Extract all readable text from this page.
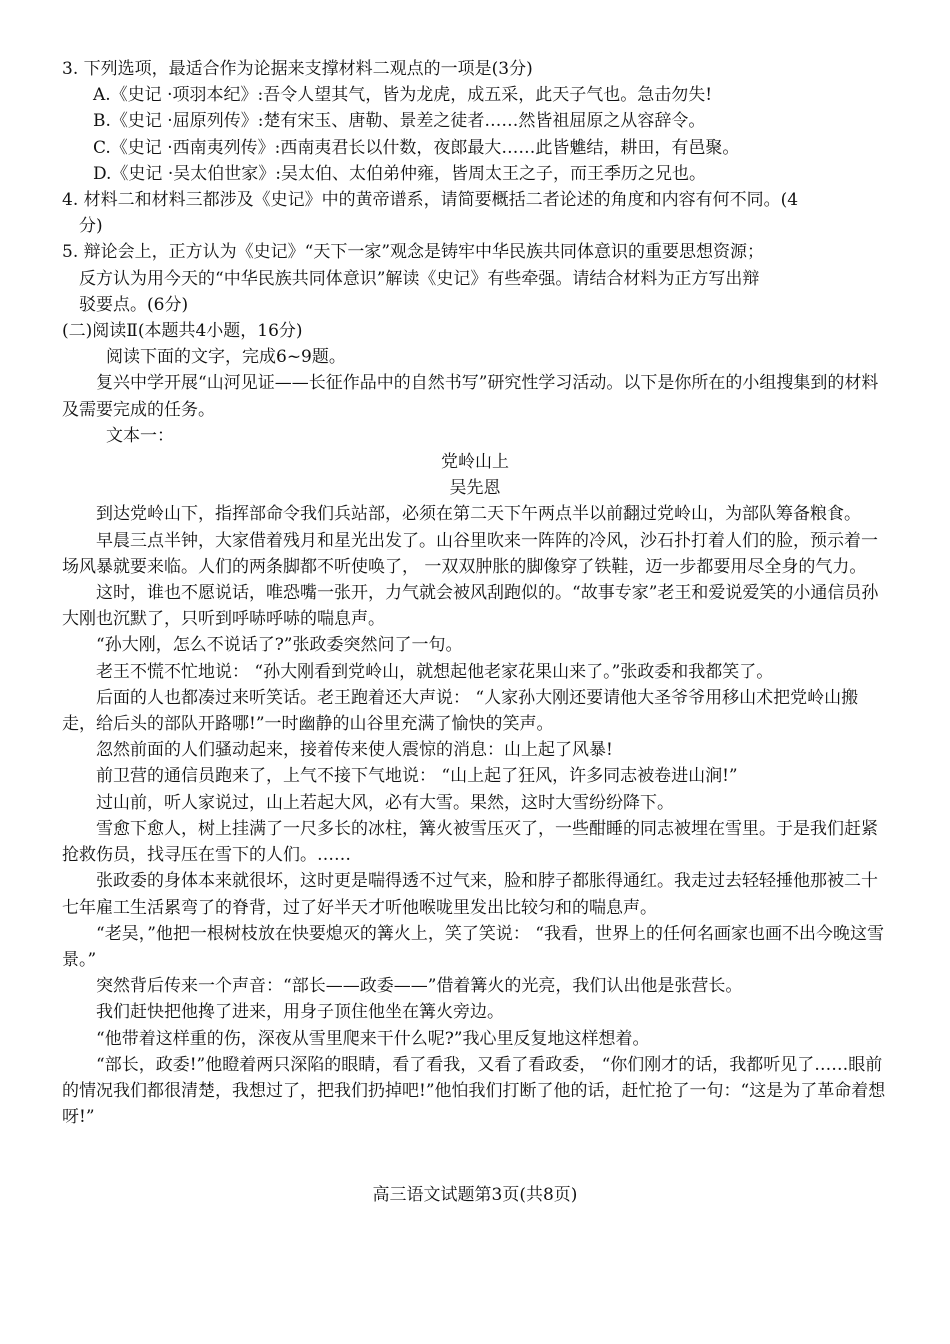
3. 下列选项，最适合作为论据来支撑材料二观点的一项是(3分)
A.《史记 ·项羽本纪》:吾令人望其气，皆为龙虎，成五采，此天子气也。急击勿失!
B.《史记 ·屈原列传》:楚有宋玉、唐勒、景差之徒者……然皆祖屈原之从容辞令。
C.《史记 ·西南夷列传》:西南夷君长以什数，夜郎最大……此皆魋结，耕田，有邑聚。
D.《史记 ·吴太伯世家》:吴太伯、太伯弟仲雍，皆周太王之子，而王季历之兄也。
4. 材料二和材料三都涉及《史记》中的黄帝谱系，请简要概括二者论述的角度和内容有何不同。(4
分)
5. 辩论会上，正方认为《史记》“天下一家”观念是铸牢中华民族共同体意识的重要思想资源；
反方认为用今天的“中华民族共同体意识”解读《史记》有些牵强。请结合材料为正方写出辩
驳要点。(6分)
(二)阅读Ⅱ(本题共4小题，16分)
阅读下面的文字，完成6~9题。
复兴中学开展“山河见证——长征作品中的自然书写”研究性学习活动。以下是你所在的小组搜集到的材料及需要完成的任务。
文本一：
党岭山上
吴先恩
到达党岭山下，指挥部命令我们兵站部，必须在第二天下午两点半以前翻过党岭山，为部队筹备粮食。
早晨三点半钟，大家借着残月和星光出发了。山谷里吹来一阵阵的冷风，沙石扑打着人们的脸，预示着一场风暴就要来临。人们的两条脚都不听使唤了， 一双双肿胀的脚像穿了铁鞋，迈一步都要用尽全身的气力。
这时，谁也不愿说话，唯恐嘴一张开，力气就会被风刮跑似的。“故事专家”老王和爱说爱笑的小通信员孙大刚也沉默了，只听到呼哧呼哧的喘息声。
“孙大刚，怎么不说话了?”张政委突然问了一句。
老王不慌不忙地说： “孙大刚看到党岭山，就想起他老家花果山来了。”张政委和我都笑了。
后面的人也都凑过来听笑话。老王跑着还大声说： “人家孙大刚还要请他大圣爷爷用移山术把党岭山搬走，给后头的部队开路哪!”一时幽静的山谷里充满了愉快的笑声。
忽然前面的人们骚动起来，接着传来使人震惊的消息：山上起了风暴!
前卫营的通信员跑来了，上气不接下气地说： “山上起了狂风，许多同志被卷进山涧!”
过山前，听人家说过，山上若起大风，必有大雪。果然，这时大雪纷纷降下。
雪愈下愈人，树上挂满了一尺多长的冰柱，篝火被雪压灭了，一些酣睡的同志被埋在雪里。于是我们赶紧抢救伤员，找寻压在雪下的人们。……
张政委的身体本来就很坏，这时更是喘得透不过气来，脸和脖子都胀得通红。我走过去轻轻捶他那被二十七年雇工生活累弯了的脊背，过了好半天才听他喉咙里发出比较匀和的喘息声。
“老吴，”他把一根树枝放在快要熄灭的篝火上，笑了笑说： “我看，世界上的任何名画家也画不出今晚这雪景。”
突然背后传来一个声音：“部长——政委——”借着篝火的光亮，我们认出他是张营长。
我们赶快把他搀了进来，用身子顶住他坐在篝火旁边。
“他带着这样重的伤，深夜从雪里爬来干什么呢?”我心里反复地这样想着。
“部长，政委!”他瞪着两只深陷的眼睛，看了看我，又看了看政委， “你们刚才的话，我都听见了……眼前的情况我们都很清楚，我想过了，把我们扔掉吧!”他怕我们打断了他的话，赶忙抢了一句：“这是为了革命着想呀!”
高三语文试题第3页(共8页)
